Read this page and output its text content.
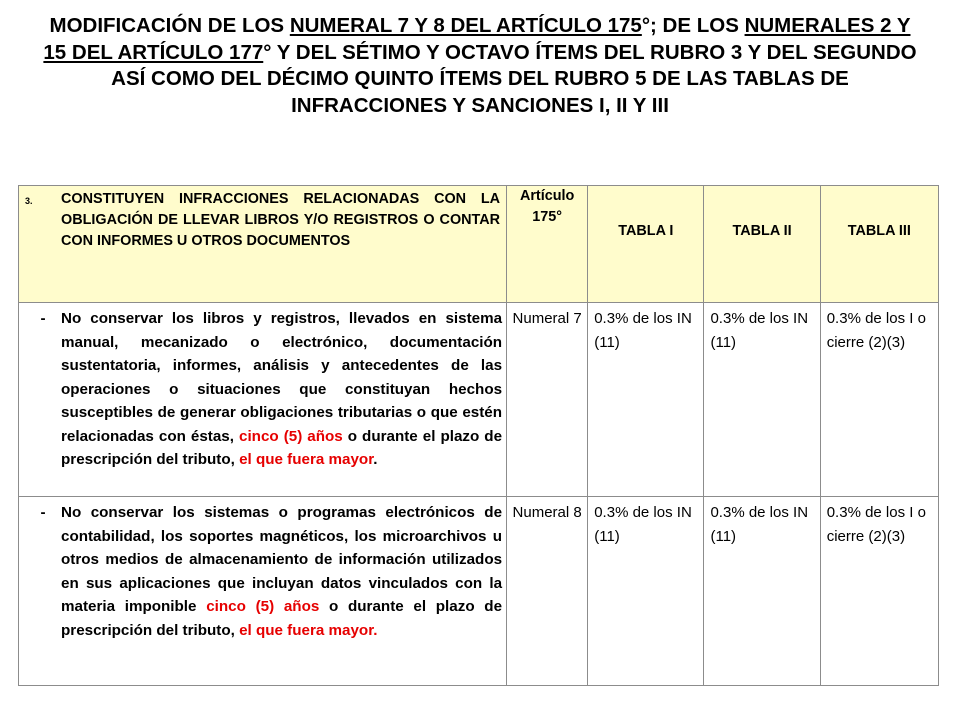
MODIFICACIÓN DE LOS NUMERAL 7 Y 8 DEL ARTÍCULO 175°; DE LOS NUMERALES 2 Y 15 DEL ARTÍCULO 177° Y DEL SÉTIMO Y OCTAVO ÍTEMS DEL RUBRO 3 Y DEL SEGUNDO ASÍ COMO DEL DÉCIMO QUINTO ÍTEMS DEL RUBRO 5 DE LAS TABLAS DE INFRACCIONES Y SANCIONES I, II Y III
3. CONSTITUYEN INFRACCIONES RELACIONADAS CON LA OBLIGACIÓN DE LLEVAR LIBROS Y/O REGISTROS O CONTAR CON INFORMES U OTROS DOCUMENTOS	Artículo 175°	TABLA I	TABLA II	TABLA III

- No conservar los libros y registros, llevados en sistema manual, mecanizado o electrónico, documentación sustentatoria, informes, análisis y antecedentes de las operaciones o situaciones que constituyan hechos susceptibles de generar obligaciones tributarias o que estén relacionadas con éstas, cinco (5) años o durante el plazo de prescripción del tributo, el que fuera mayor.	Numeral 7	0.3% de los IN (11)	0.3% de los IN (11)	0.3% de los I o cierre (2)(3)

- No conservar los sistemas o programas electrónicos de contabilidad, los soportes magnéticos, los microarchivos u otros medios de almacenamiento de información utilizados en sus aplicaciones que incluyan datos vinculados con la materia imponible cinco (5) años o durante el plazo de prescripción del tributo, el que fuera mayor.	Numeral 8	0.3% de los IN (11)	0.3% de los IN (11)	0.3% de los I o cierre (2)(3)
